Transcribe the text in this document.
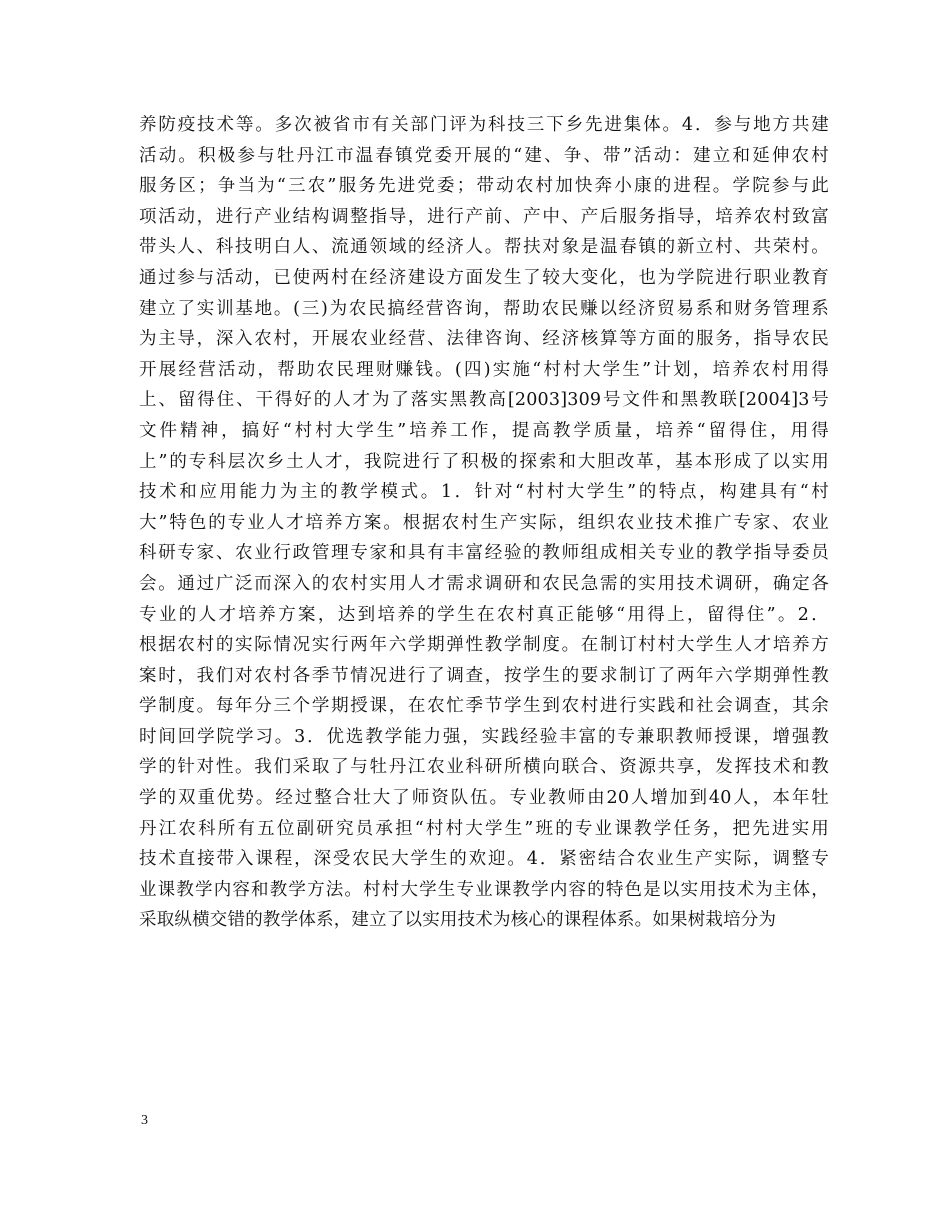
养防疫技术等。多次被省市有关部门评为科技三下乡先进集体。4．参与地方共建
活动。积极参与牡丹江市温春镇党委开展的“建、争、带”活动：建立和延伸农村
服务区；争当为“三农”服务先进党委；带动农村加快奔小康的进程。学院参与此
项活动，进行产业结构调整指导，进行产前、产中、产后服务指导，培养农村致富
带头人、科技明白人、流通领域的经济人。帮扶对象是温春镇的新立村、共荣村。
通过参与活动，已使两村在经济建设方面发生了较大变化，也为学院进行职业教育
建立了实训基地。(三)为农民搞经营咨询，帮助农民赚以经济贸易系和财务管理系
为主导，深入农村，开展农业经营、法律咨询、经济核算等方面的服务，指导农民
开展经营活动，帮助农民理财赚钱。(四)实施“村村大学生”计划，培养农村用得
上、留得住、干得好的人才为了落实黑教高[2003]309号文件和黑教联[2004]3号
文件精神，搞好“村村大学生”培养工作，提高教学质量，培养“留得住，用得
上”的专科层次乡土人才，我院进行了积极的探索和大胆改革，基本形成了以实用
技术和应用能力为主的教学模式。1．针对“村村大学生”的特点，构建具有“村
大”特色的专业人才培养方案。根据农村生产实际，组织农业技术推广专家、农业
科研专家、农业行政管理专家和具有丰富经验的教师组成相关专业的教学指导委员
会。通过广泛而深入的农村实用人才需求调研和农民急需的实用技术调研，确定各
专业的人才培养方案，达到培养的学生在农村真正能够“用得上，留得住”。2．
根据农村的实际情况实行两年六学期弹性教学制度。在制订村村大学生人才培养方
案时，我们对农村各季节情况进行了调查，按学生的要求制订了两年六学期弹性教
学制度。每年分三个学期授课，在农忙季节学生到农村进行实践和社会调查，其余
时间回学院学习。3．优选教学能力强，实践经验丰富的专兼职教师授课，增强教
学的针对性。我们采取了与牡丹江农业科研所横向联合、资源共享，发挥技术和教
学的双重优势。经过整合壮大了师资队伍。专业教师由20人增加到40人，本年牡
丹江农科所有五位副研究员承担“村村大学生”班的专业课教学任务，把先进实用
技术直接带入课程，深受农民大学生的欢迎。4．紧密结合农业生产实际，调整专
业课教学内容和教学方法。村村大学生专业课教学内容的特色是以实用技术为主体，
采取纵横交错的教学体系，建立了以实用技术为核心的课程体系。如果树栽培分为
3
